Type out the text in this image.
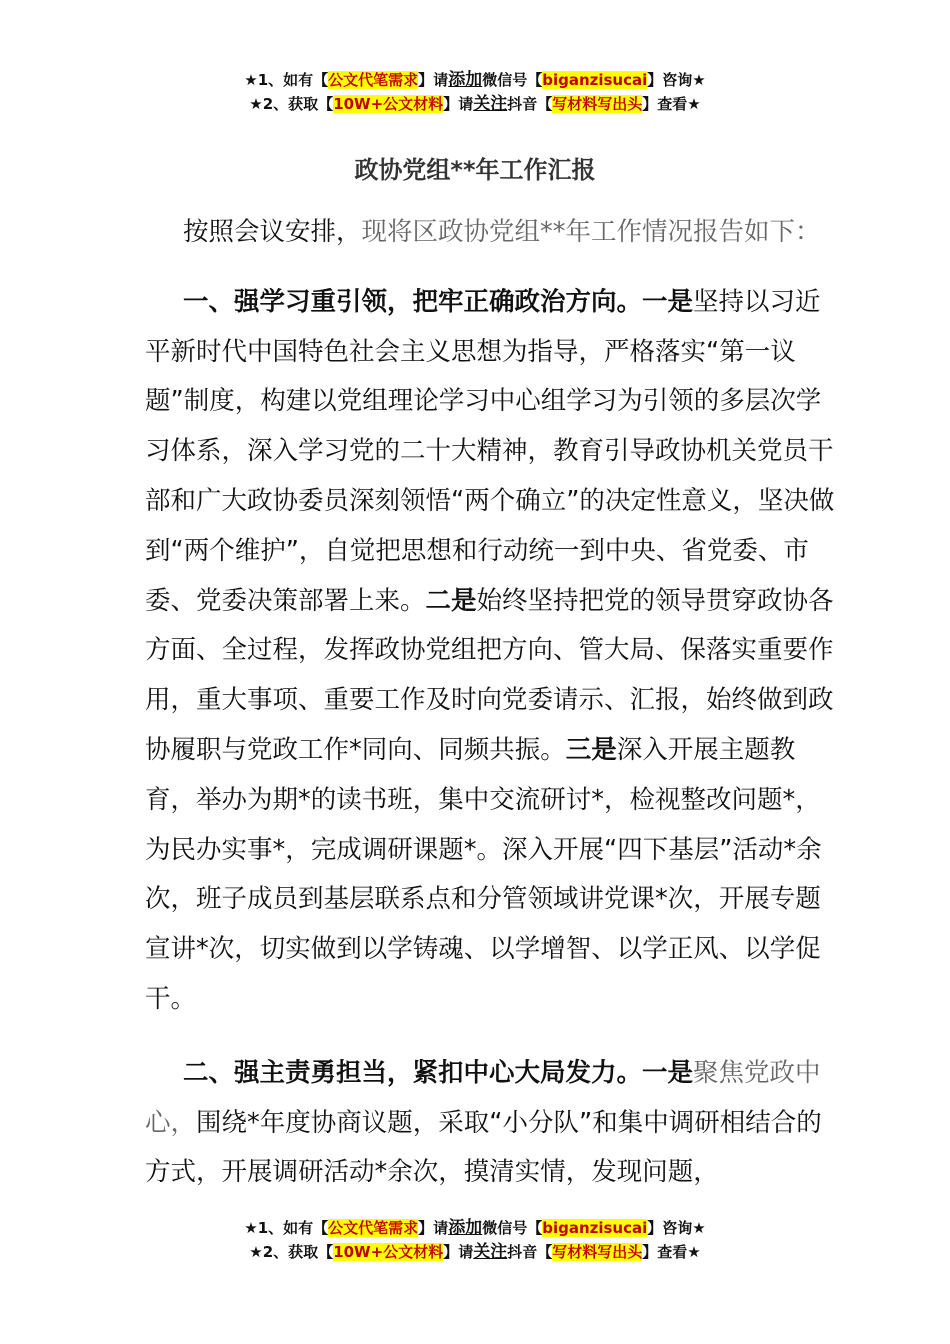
★1、如有【公文代笔需求】请添加微信号【biganzisucai】咨询★
★2、获取【10W+公文材料】请关注抖音【写材料写出头】查看★
政协党组**年工作汇报

按照会议安排，现将区政协党组**年工作情况报告如下：

一、强学习重引领，把牢正确政治方向。一是坚持以习近平新时代中国特色社会主义思想为指导，严格落实“第一议题”制度，构建以党组理论学习中心组学习为引领的多层次学习体系，深入学习党的二十大精神，教育引导政协机关党员干部和广大政协委员深刻领悟“两个确立”的决定性意义，坚决做到“两个维护”，自觉把思想和行动统一到中央、省党委、市委、党委决策部署上来。二是始终坚持把党的领导贯穿政协各方面、全过程，发挥政协党组把方向、管大局、保落实重要作用，重大事项、重要工作及时向党委请示、汇报，始终做到政协履职与党政工作*同向、同频共振。三是深入开展主题教育，举办为期*的读书班，集中交流研讨*，检视整改问题*，为民办实事*，完成调研课题*。深入开展“四下基层”活动*余次，班子成员到基层联系点和分管领域讲党课*次，开展专题宣讲*次，切实做到以学铸魂、以学增智、以学正风、以学促干。

二、强主责勇担当，紧扣中心大局发力。一是聚焦党政中心，围绕*年度协商议题，采取“小分队”和集中调研相结合的方式，开展调研活动*余次，摸清实情，发现问题，

★1、如有【公文代笔需求】请添加微信号【biganzisucai】咨询★
★2、获取【10W+公文材料】请关注抖音【写材料写出头】查看★
